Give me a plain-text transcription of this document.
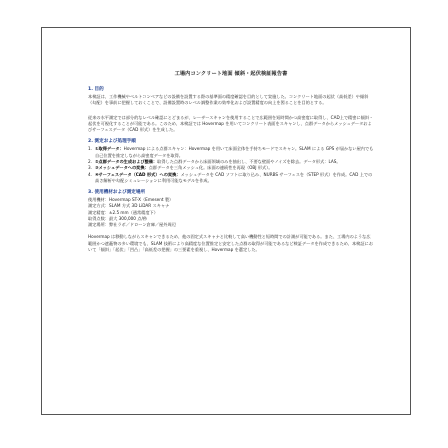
工場内コンクリート地面 傾斜・起伏検証報告書
1. 目的

本検証は、工作機械やベルトコンベアなどの設備を設置する際の基準面の精度確認を目的として実施した。コンクリート地面の起伏（高低差）や傾斜（勾配）を事前に把握しておくことで、設備設置時のレベル調整作業の効率化および設置精度の向上を図ることを目的とする。

従来の水平測定では部分的なレベル確認にとどまるが、レーザースキャンを使用することで広範囲を短時間かつ高密度に取得し、CAD上で精密に傾斜・起伏を可視化することが可能である。このため、本検証では Hovermap を用いてコンクリート表面をスキャンし、点群データからメッシュデータおよびサーフェスデータ（CAD 形式）を生成した。

2. 測定および処理手順
1. ①取得データ：Hovermap による点群スキャン：Hovermap を用いて床面全体を手持ちモードでスキャン。SLAM による GPS が届かない屋内でも自己位置を推定しながら高密度データを取得。
2. ②点群データの生成および整備：取得した点群データから床面領域のみを抽出し、不要な壁面やノイズを除去。データ形式：LAS。
3. ③メッシュデータへの変換：点群データを三角メッシュ化。床面の連続性を再現（OBJ 形式）。
4. ④サーフェスデータ（CAD 形式）への変換：メッシュデータを CAD ソフトに取り込み、NURBS サーフェスを（STEP 形式）を作成。CAD 上での高さ解析や勾配シミュレーションに利用可能なモデルを作成。
3. 使用機材および測定場所
使用機材：Hovermap ST-X（Emesent 製）
測定方式：SLAM 方式 3D LiDAR スキャナ
測定精度：±2.5 mm（通常精度下）
取得点数：最大 300,000 点/秒
測定場所：弊社ラボ／ドローン倉庫／屋外周辺

Hovermap は移動しながらスキャンできるため、他の固定式スキャナと比較して高い機動性と短時間での計測が可能である。また、工場内のような広範囲かつ遮蔽物の多い環境でも、SLAM 技術により高精度な位置推定と安定した点群の取得が可能であるなど検証データを作成できるため、本検証において「傾斜」「起伏」「凹凸」「高低差の把握」の三要素を重視し、Hovermap を選定した。
